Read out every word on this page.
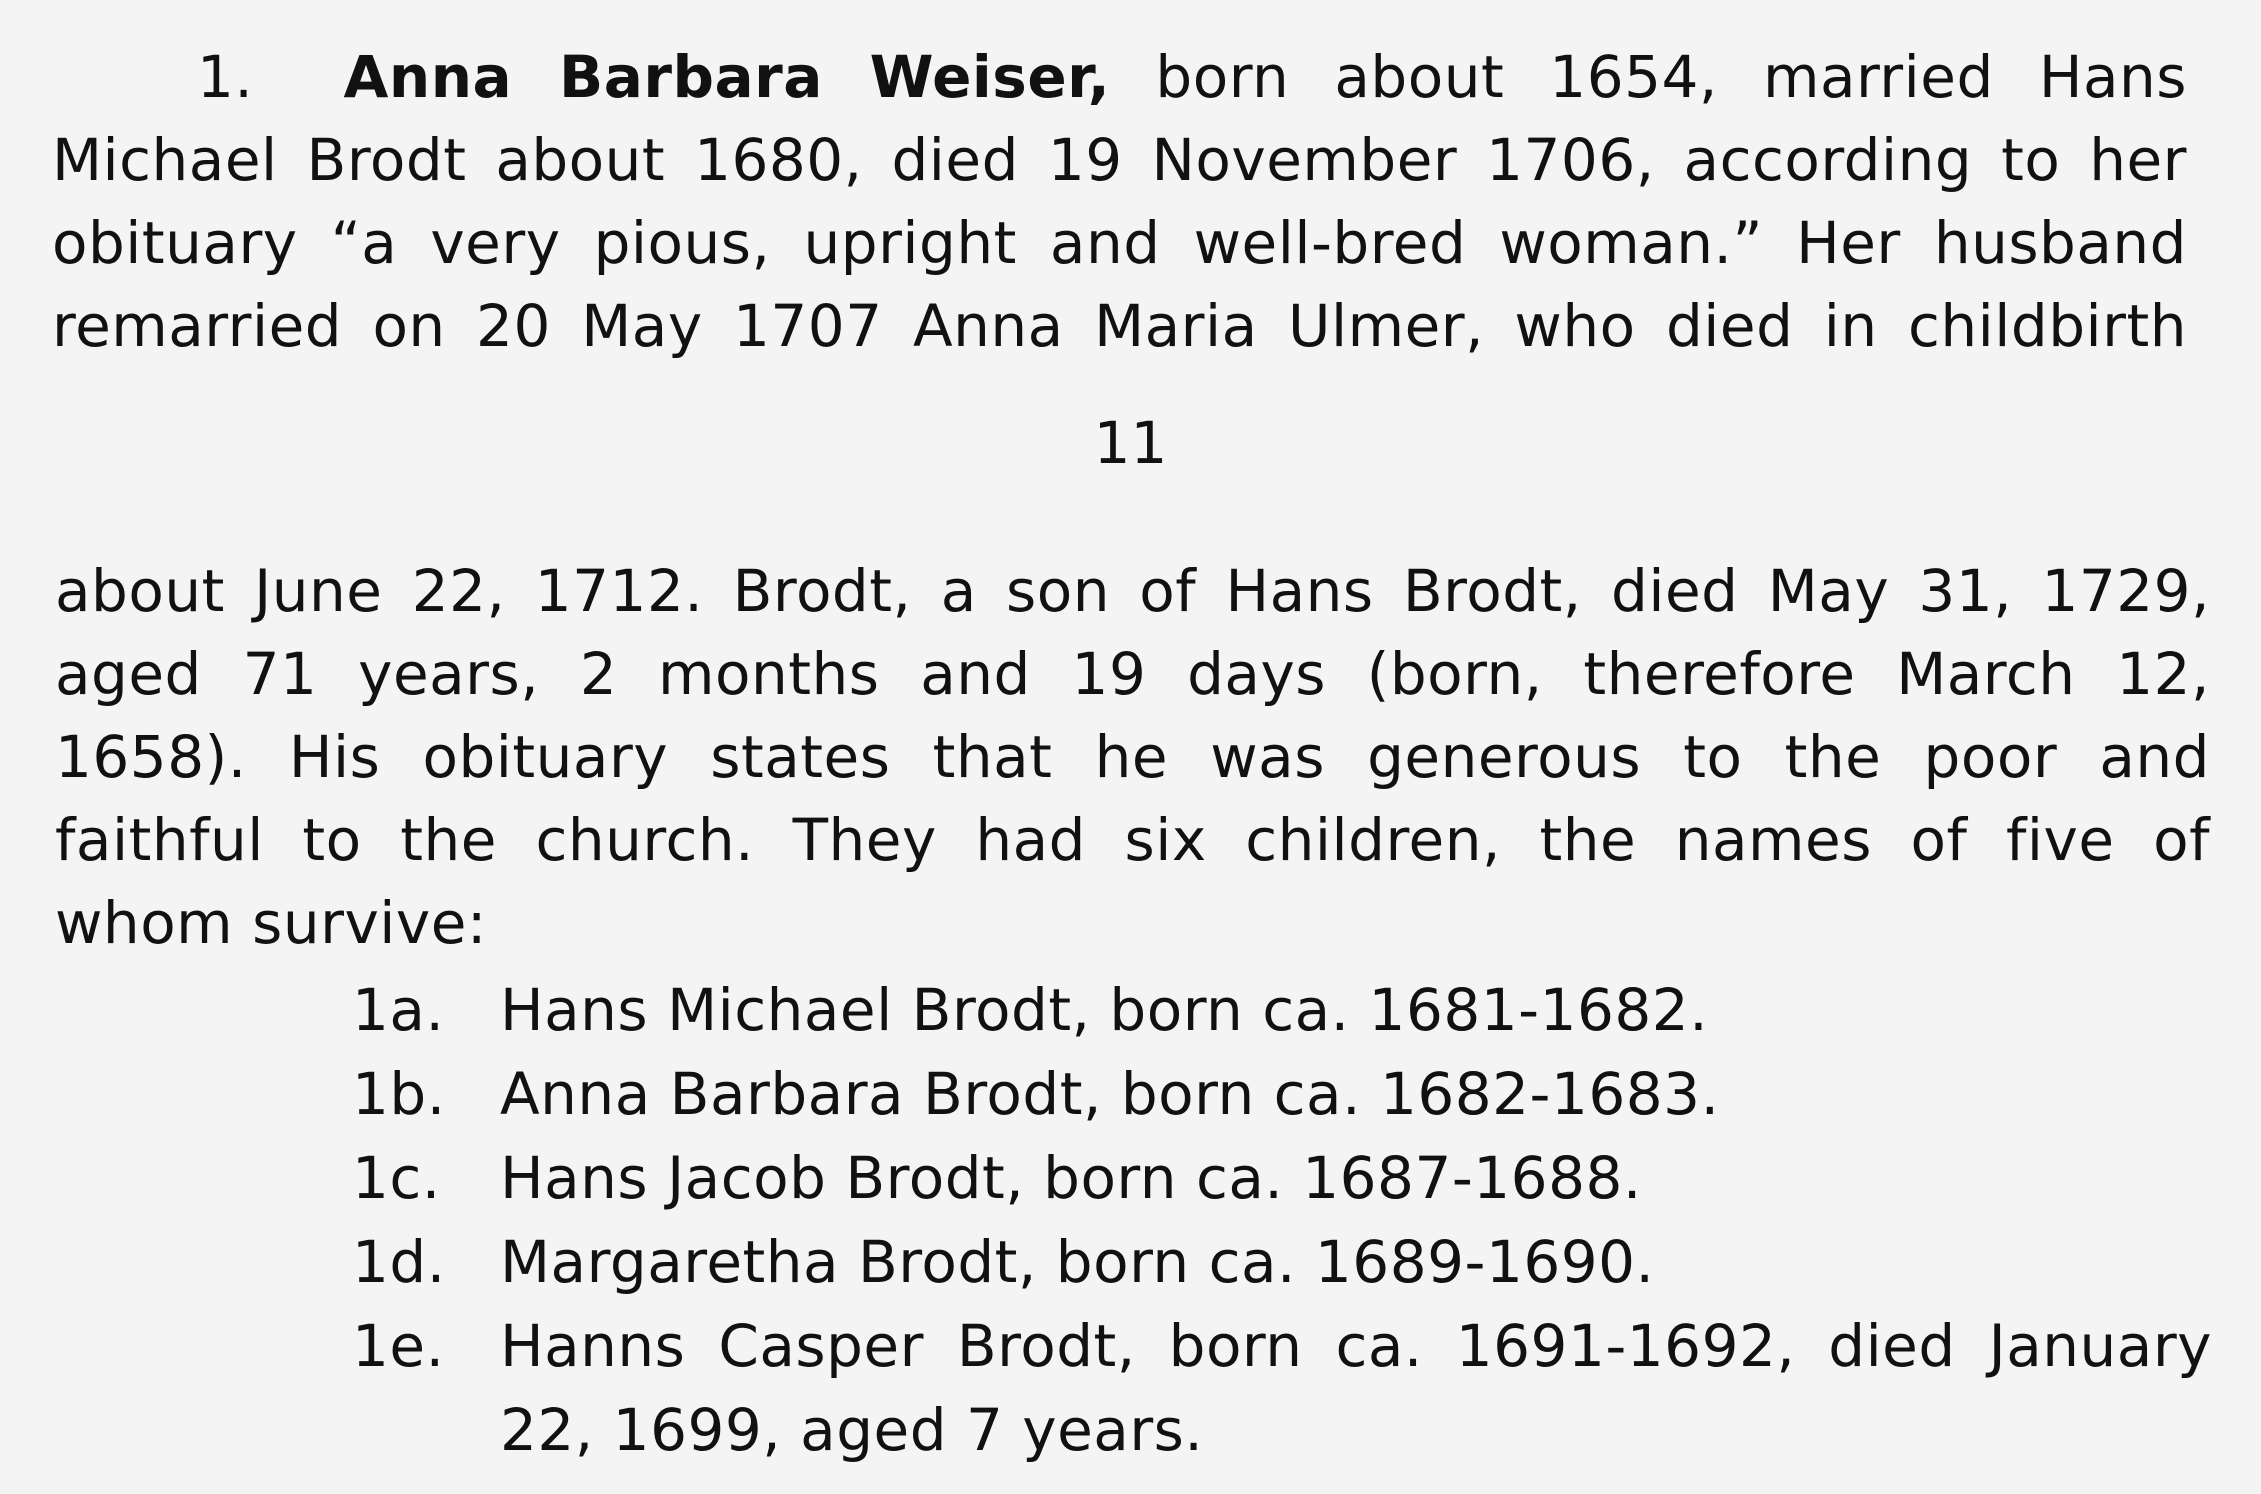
1. Anna Barbara Weiser, born about 1654, married Hans
Michael Brodt about 1680, died 19 November 1706, according to her
obituary “a very pious, upright and well-bred woman.” Her husband
remarried on 20 May 1707 Anna Maria Ulmer, who died in childbirth
11
about June 22, 1712. Brodt, a son of Hans Brodt, died May 31, 1729,
aged 71 years, 2 months and 19 days (born, therefore March 12,
1658). His obituary states that he was generous to the poor and
faithful to the church. They had six children, the names of five of
whom survive:
1a. Hans Michael Brodt, born ca. 1681-1682.
1b. Anna Barbara Brodt, born ca. 1682-1683.
1c.	Hans Jacob Brodt, born ca. 1687-1688.
1d. Margaretha Brodt, born ca. 1689-1690.
1e. Hanns Casper Brodt, born ca. 1691-1692, died January
22, 1699, aged 7 years.
